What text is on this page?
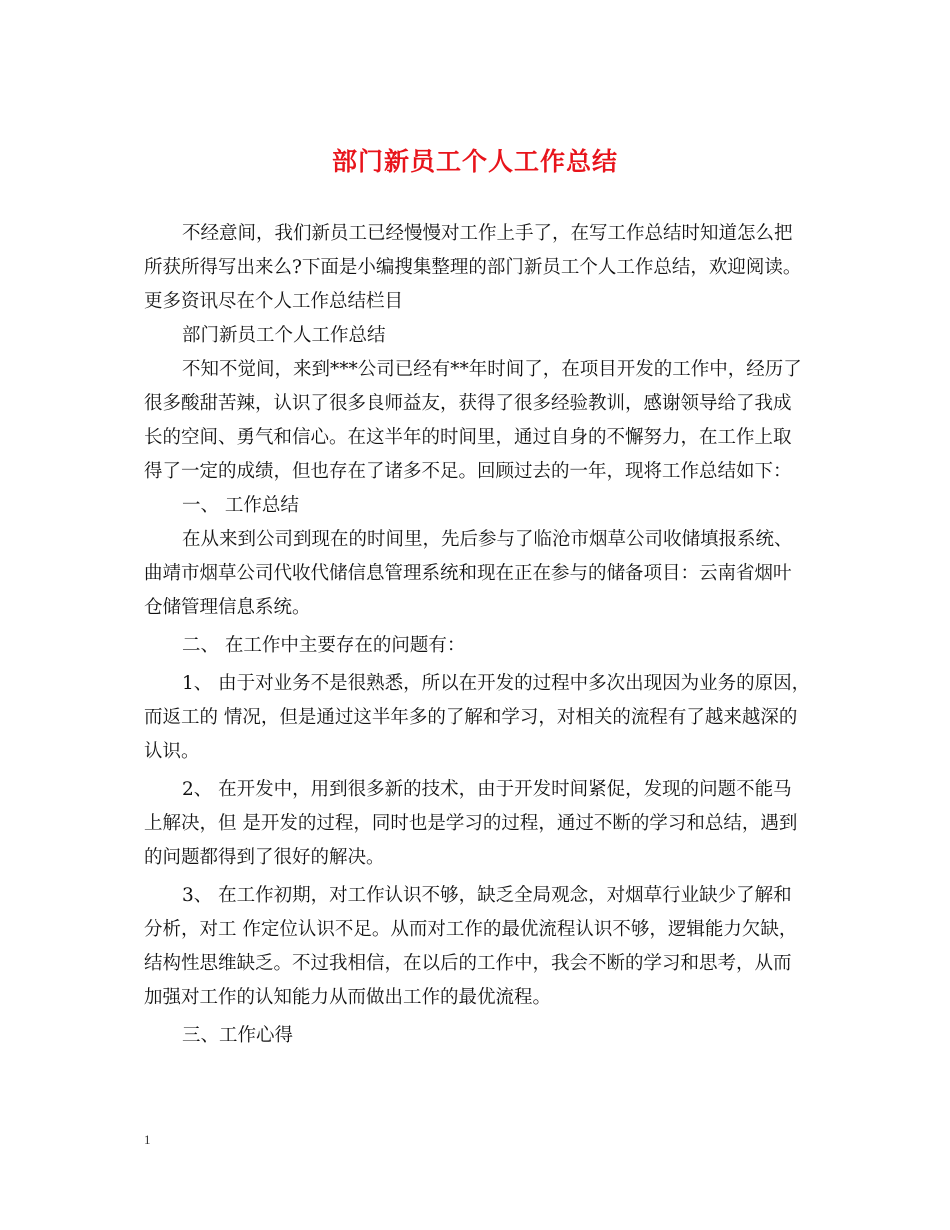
部门新员工个人工作总结
不经意间，我们新员工已经慢慢对工作上手了，在写工作总结时知道怎么把
所获所得写出来么?下面是小编搜集整理的部门新员工个人工作总结，欢迎阅读。
更多资讯尽在个人工作总结栏目
部门新员工个人工作总结
不知不觉间，来到***公司已经有**年时间了，在项目开发的工作中，经历了
很多酸甜苦辣，认识了很多良师益友，获得了很多经验教训，感谢领导给了我成
长的空间、勇气和信心。在这半年的时间里，通过自身的不懈努力，在工作上取
得了一定的成绩，但也存在了诸多不足。回顾过去的一年，现将工作总结如下：
一、 工作总结
在从来到公司到现在的时间里，先后参与了临沧市烟草公司收储填报系统、
曲靖市烟草公司代收代储信息管理系统和现在正在参与的储备项目：云南省烟叶
仓储管理信息系统。
二、 在工作中主要存在的问题有：
1、 由于对业务不是很熟悉，所以在开发的过程中多次出现因为业务的原因，
而返工的 情况，但是通过这半年多的了解和学习，对相关的流程有了越来越深的
认识。
2、 在开发中，用到很多新的技术，由于开发时间紧促，发现的问题不能马
上解决，但 是开发的过程，同时也是学习的过程，通过不断的学习和总结，遇到
的问题都得到了很好的解决。
3、 在工作初期，对工作认识不够，缺乏全局观念，对烟草行业缺少了解和
分析，对工 作定位认识不足。从而对工作的最优流程认识不够，逻辑能力欠缺，
结构性思维缺乏。不过我相信，在以后的工作中，我会不断的学习和思考，从而
加强对工作的认知能力从而做出工作的最优流程。
三、工作心得
1
